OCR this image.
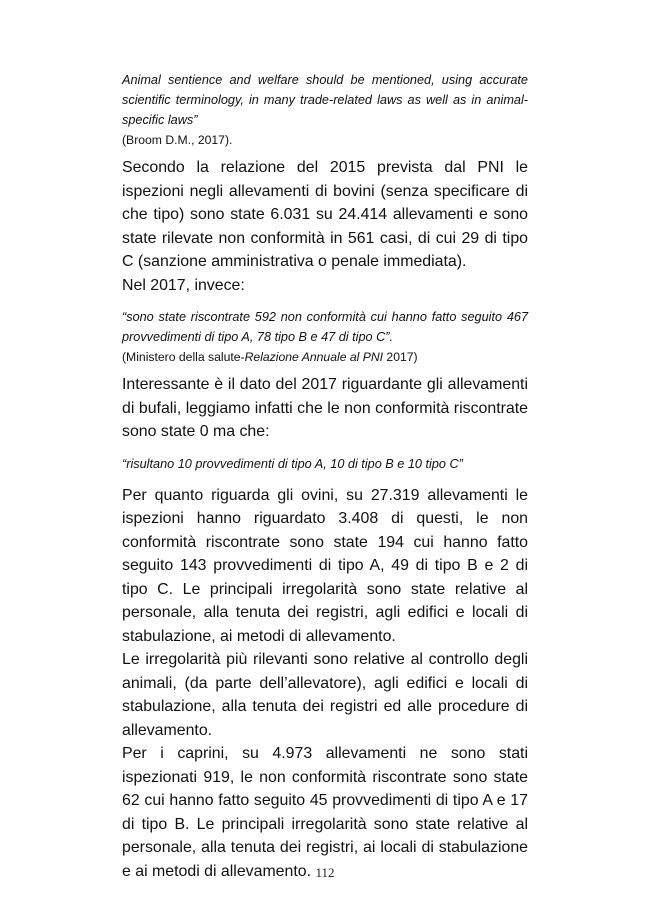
Animal sentience and welfare should be mentioned, using accurate scientific terminology, in many trade-related laws as well as in animal-specific laws”

(Broom D.M., 2017).

Secondo la relazione del 2015 prevista dal PNI le ispezioni negli allevamenti di bovini (senza specificare di che tipo) sono state 6.031 su 24.414 allevamenti e sono state rilevate non conformità in 561 casi, di cui 29 di tipo C (sanzione amministrativa o penale immediata).

Nel 2017, invece:

“sono state riscontrate 592 non conformità cui hanno fatto seguito 467 provvedimenti di tipo A, 78 tipo B e 47 di tipo C”.

(Ministero della salute-Relazione Annuale al PNI 2017)

Interessante è il dato del 2017 riguardante gli allevamenti di bufali, leggiamo infatti che le non conformità riscontrate sono state 0 ma che:

“risultano 10 provvedimenti di tipo A, 10 di tipo B e 10 tipo C”

Per quanto riguarda gli ovini, su 27.319 allevamenti le ispezioni hanno riguardato 3.408 di questi, le non conformità riscontrate sono state 194 cui hanno fatto seguito 143 provvedimenti di tipo A, 49 di tipo B e 2 di tipo C. Le principali irregolarità sono state relative al personale, alla tenuta dei registri, agli edifici e locali di stabulazione, ai metodi di allevamento.

Le irregolarità più rilevanti sono relative al controllo degli animali, (da parte dell’allevatore), agli edifici e locali di stabulazione, alla tenuta dei registri ed alle procedure di allevamento.

Per i caprini, su 4.973 allevamenti ne sono stati ispezionati 919, le non conformità riscontrate sono state 62 cui hanno fatto seguito 45 provvedimenti di tipo A e 17 di tipo B. Le principali irregolarità sono state relative al personale, alla tenuta dei registri, ai locali di stabulazione e ai metodi di allevamento. 112
